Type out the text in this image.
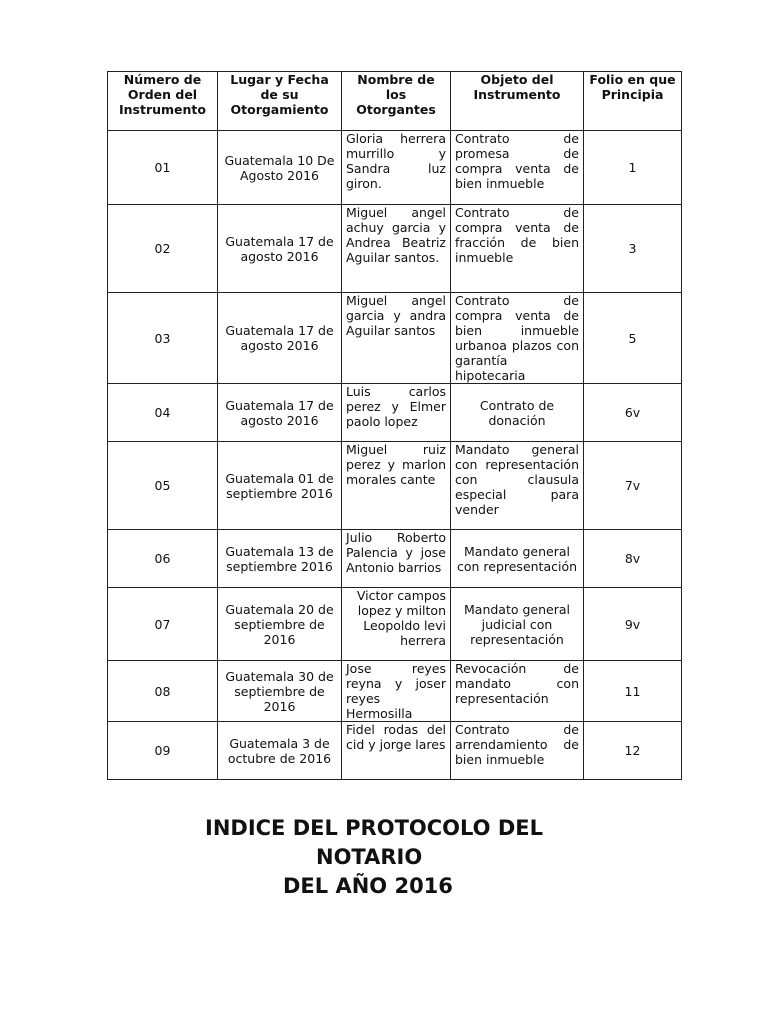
Número de Orden del Instrumento	Lugar y Fecha de su Otorgamiento	Nombre de los Otorgantes	Objeto del Instrumento	Folio en que Principia
01	Guatemala 10 De Agosto 2016	Gloria herrera murrillo y Sandra luz giron.	Contrato de promesa de compra venta de bien inmueble	1
02	Guatemala 17 de agosto 2016	Miguel angel achuy garcia y Andrea Beatriz Aguilar santos.	Contrato de compra venta de fracción de bien inmueble	3
03	Guatemala 17 de agosto 2016	Miguel angel garcia y andra Aguilar santos	Contrato de compra venta de bien inmueble urbanoa plazos con garantía hipotecaria	5
04	Guatemala 17 de agosto 2016	Luis carlos perez y Elmer paolo lopez	Contrato de donación	6v
05	Guatemala 01 de septiembre 2016	Miguel ruiz perez y marlon morales cante	Mandato general con representación con clausula especial para vender	7v
06	Guatemala 13 de septiembre 2016	Julio Roberto Palencia y jose Antonio barrios	Mandato general con representación	8v
07	Guatemala 20 de septiembre de 2016	Victor campos lopez y milton Leopoldo levi herrera	Mandato general judicial con representación	9v
08	Guatemala 30 de septiembre de 2016	Jose reyes reyna y joser reyes Hermosilla	Revocación de mandato con representación	11
09	Guatemala 3 de octubre de 2016	Fidel rodas del cid y jorge lares	Contrato de arrendamiento de bien inmueble	12
INDICE DEL PROTOCOLO DEL
NOTARIO
DEL AÑO 2016
